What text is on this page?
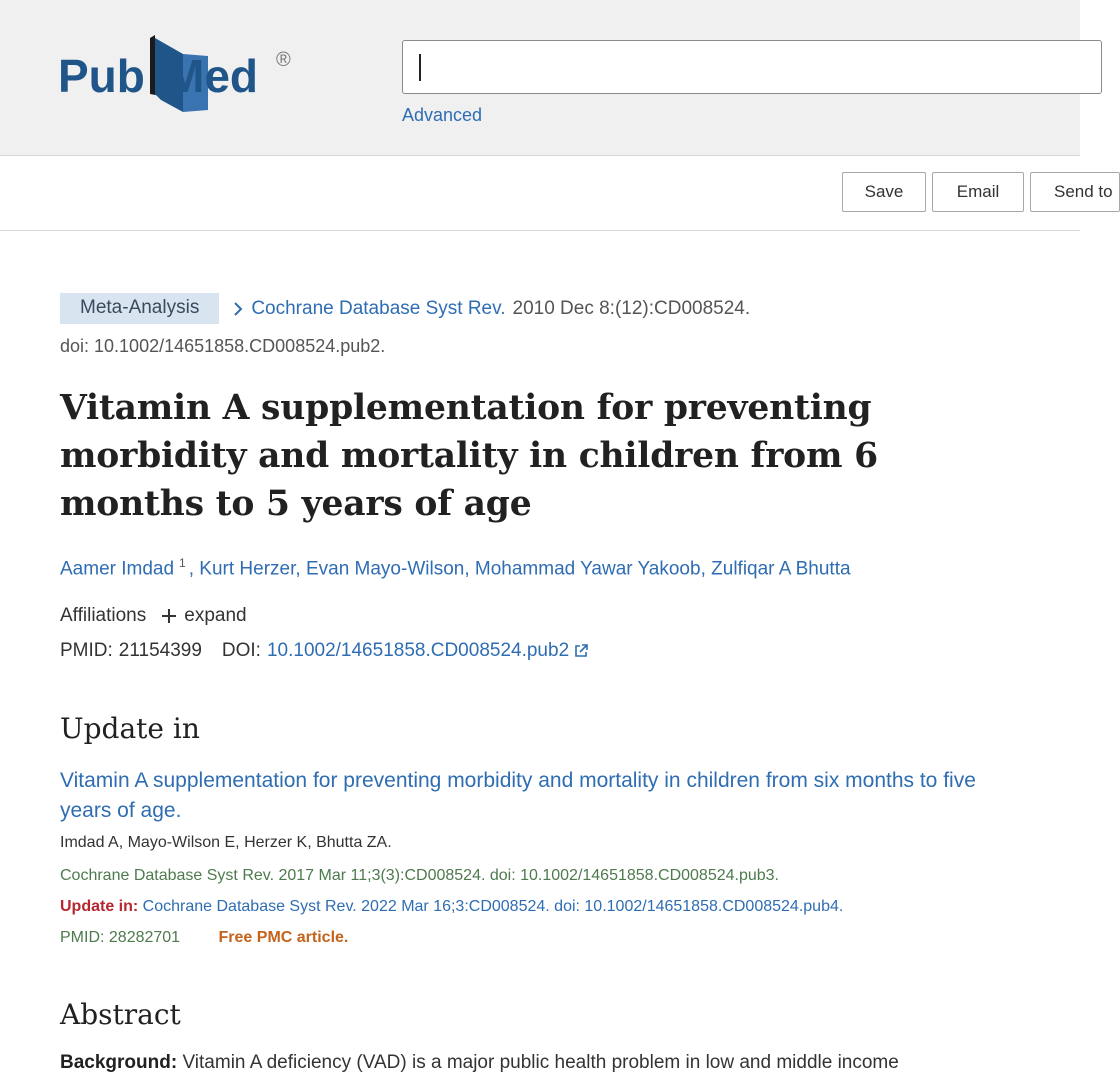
Pub Med ®
Advanced
Save	Email	Send to
Meta-Analysis	Cochrane Database Syst Rev. 2010 Dec 8:(12):CD008524.
doi: 10.1002/14651858.CD008524.pub2.
Vitamin A supplementation for preventing morbidity and mortality in children from 6 months to 5 years of age
Aamer Imdad $^1$ , Kurt Herzer, Evan Mayo-Wilson, Mohammad Yawar Yakoob, Zulfiqar A Bhutta
Affiliations expand
PMID: 21154399 DOI: 10.1002/14651858.CD008524.pub2
Update in
Vitamin A supplementation for preventing morbidity and mortality in children from six months to five years of age.
Imdad A, Mayo-Wilson E, Herzer K, Bhutta ZA.
Cochrane Database Syst Rev. 2017 Mar 11;3(3):CD008524. doi: 10.1002/14651858.CD008524.pub3.
Update in: Cochrane Database Syst Rev. 2022 Mar 16;3:CD008524. doi: 10.1002/14651858.CD008524.pub4.
PMID: 28282701 Free PMC article.
Abstract
Background: Vitamin A deficiency (VAD) is a major public health problem in low and middle income
